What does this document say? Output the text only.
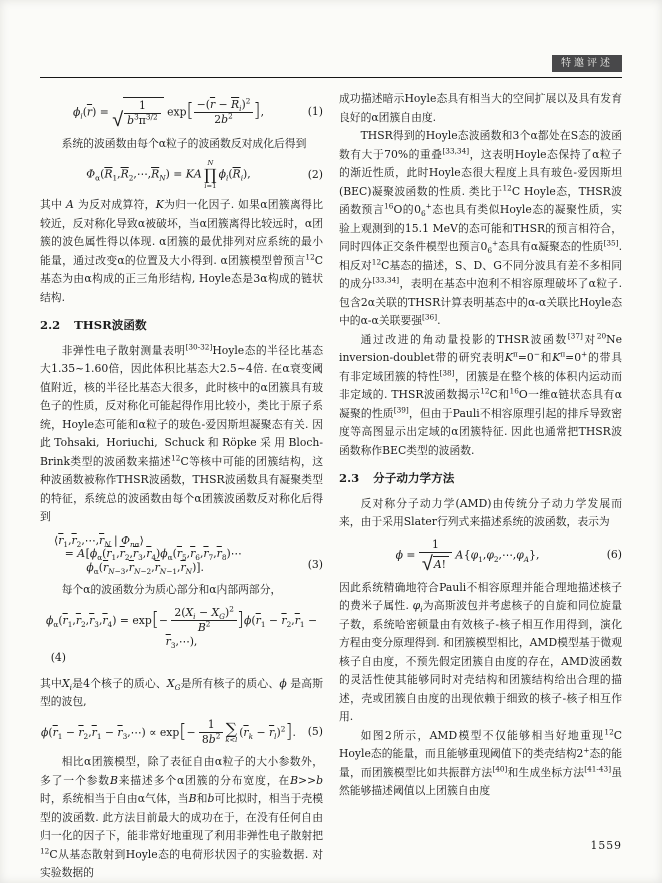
特邀评述
$\phi_i(\overline{r})$ = √ $\frac{1}{b^3\pi^{3/2}} \exp[ \frac{-(\overline{r} - \overline{R}_i)^2}{2b^2}$ ],	(1)

系统的波函数由每个α粒子的波函数反对成化后得到

$\Phi_\alpha(\overline{R}_1,\overline{R}_2,\cdots,\overline{R}_N)$ = KA
N
∏
i=1
$\phi_i(\overline{R}_i)$,	(2)

其中 A 为反对成算符，K为归一化因子. 如果α团簇离得比较近，反对称化导致α被破坏，当α团簇离得比较远时，α团簇的波色属性得以体现. α团簇的最优排列对应系统的最小能量，通过改变α的位置及大小得到. α团簇模型曾预言$^{12}$C基态为由α构成的正三角形结构, Hoyle态是3α构成的链状结构.

2.2 THSR波函数

非弹性电子散射测量表明[30-32]Hoyle态的半径比基态大1.35~1.60倍，因此体积比基态大2.5~4倍. 在α衰变阈值附近，核的半径比基态大很多，此时核中的α团簇具有玻色子的性质，反对称化可能起得作用比较小，类比于原子系统，Hoyle态可能和α粒子的玻色-爱因斯坦凝聚态有关. 因此Tohsaki, Horiuchi, Schuck和Röpke采用Bloch-Brink类型的波函数来描述$^{12}$C等核中可能的团簇结构，这种波函数被称作THSR波函数，THSR波函数具有凝聚类型的特征，系统总的波函数由每个α团簇波函数反对称化后得到

$⟨\overline{r}_1,\overline{r}_2,\cdots,\overline{r}_N$ | $\Phi_{n\alpha}⟩$
 = $A[\phi_\alpha(\overline{r}_1,\overline{r}_2,\overline{r}_3,\overline{r}_4)\phi_\alpha(\overline{r}_5,\overline{r}_6,\overline{r}_7,\overline{r}_8)\cdots$
   $\phi_\alpha(\overline{r}_{N-3},\overline{r}_{N-2},\overline{r}_{N-1},\overline{r}_N)$].	(3)

每个α的波函数分为质心部分和α内部两部分，

$\phi_\alpha(\overline{r}_1,\overline{r}_2,\overline{r}_3,\overline{r}_4) = \exp[- \frac{2(X_i - X_G)^2}{B^2} ]\phi(\overline{r}_1 - \overline{r}_2,\overline{r}_1$ − $\overline{r}_3,\cdots$),
(4)

其中$X_i$是4个核子的质心、$X_G$是所有核子的质心、ϕ 是高斯型的波包,

$\phi(\overline{r}_1 - \overline{r}_2,\overline{r}_1$ − $\overline{r}_3,\cdots) \propto \exp[- \frac{1}{8b^2}$ ∑
k<l
$(\overline{r}_k - \overline{r}_l)^2$].	(5)

相比α团簇模型，除了表征自由α粒子的大小参数外，多了一个参数B来描述多个α团簇的分布宽度，在B>>b时，系统相当于自由α气体，当B和b可比拟时，相当于壳模型的波函数. 此方法目前最大的成功在于，在没有任何自由归一化的因子下，能非常好地重现了利用非弹性电子散射把$^{12}$C从基态散射到Hoyle态的电荷形状因子的实验数据. 对实验数据的

成功描述暗示Hoyle态具有相当大的空间扩展以及具有发育良好的α团簇自由度.

THSR得到的Hoyle态波函数和3个α都处在S态的波函数有大于70%的重叠[33,34]，这表明Hoyle态保持了α粒子的渐近性质，此时Hoyle态很大程度上具有玻色-爱因斯坦(BEC)凝聚波函数的性质. 类比于$^{12}$C Hoyle态，THSR波函数预言$^{16}$O的$0_6^+$态也具有类似Hoyle态的凝聚性质，实验上观测到的15.1 MeV的态可能和THSR的预言相符合，同时四体正交条件模型也预言$0_6^+$态具有α凝聚态的性质[35]. 相反对$^{12}$C基态的描述，S、D、G不同分波具有差不多相同的成分[33,34]，表明在基态中泡利不相容原理破坏了α粒子. 包含2α关联的THSR计算表明基态中的α-α关联比Hoyle态中的α-α关联要强[36].

通过改进的角动量投影的THSR波函数[37]对$^{20}$Ne inversion-doublet带的研究表明$K^\pi=0^-$和$K^\pi=0^+$的带具有非定域团簇的特性[38]，团簇是在整个核的体积内运动而非定域的. THSR波函数揭示$^{12}$C和$^{16}$O一维α链状态具有α凝聚的性质[39]，但由于Pauli不相容原理引起的排斥导致密度等高图显示出定域的α团簇特征. 因此也通常把THSR波函数称作BEC类型的波函数.

2.3 分子动力学方法

反对称分子动力学(AMD)由传统分子动力学发展而来，由于采用Slater行列式来描述系统的波函数，表示为

$\phi = \frac{1}{√ A!}$ $A\{\varphi_1,\varphi_2,\cdots,\varphi_A\}$,	(6)

因此系统精确地符合Pauli不相容原理并能合理地描述核子的费米子属性. $\varphi_i$为高斯波包并考虑核子的自旋和同位旋量子数，系统哈密顿量由有效核子-核子相互作用得到，演化方程由变分原理得到. 和团簇模型相比，AMD模型基于微观核子自由度，不预先假定团簇自由度的存在，AMD波函数的灵活性使其能够同时对壳结构和团簇结构给出合理的描述，壳或团簇自由度的出现依赖于细致的核子-核子相互作用.

如图2所示，AMD模型不仅能够相当好地重现$^{12}$C Hoyle态的能量，而且能够重现阈值下的类壳结构2+态的能量，而团簇模型比如共振群方法[40]和生成坐标方法[41-43]虽然能够描述阈值以上团簇自由度

1559
